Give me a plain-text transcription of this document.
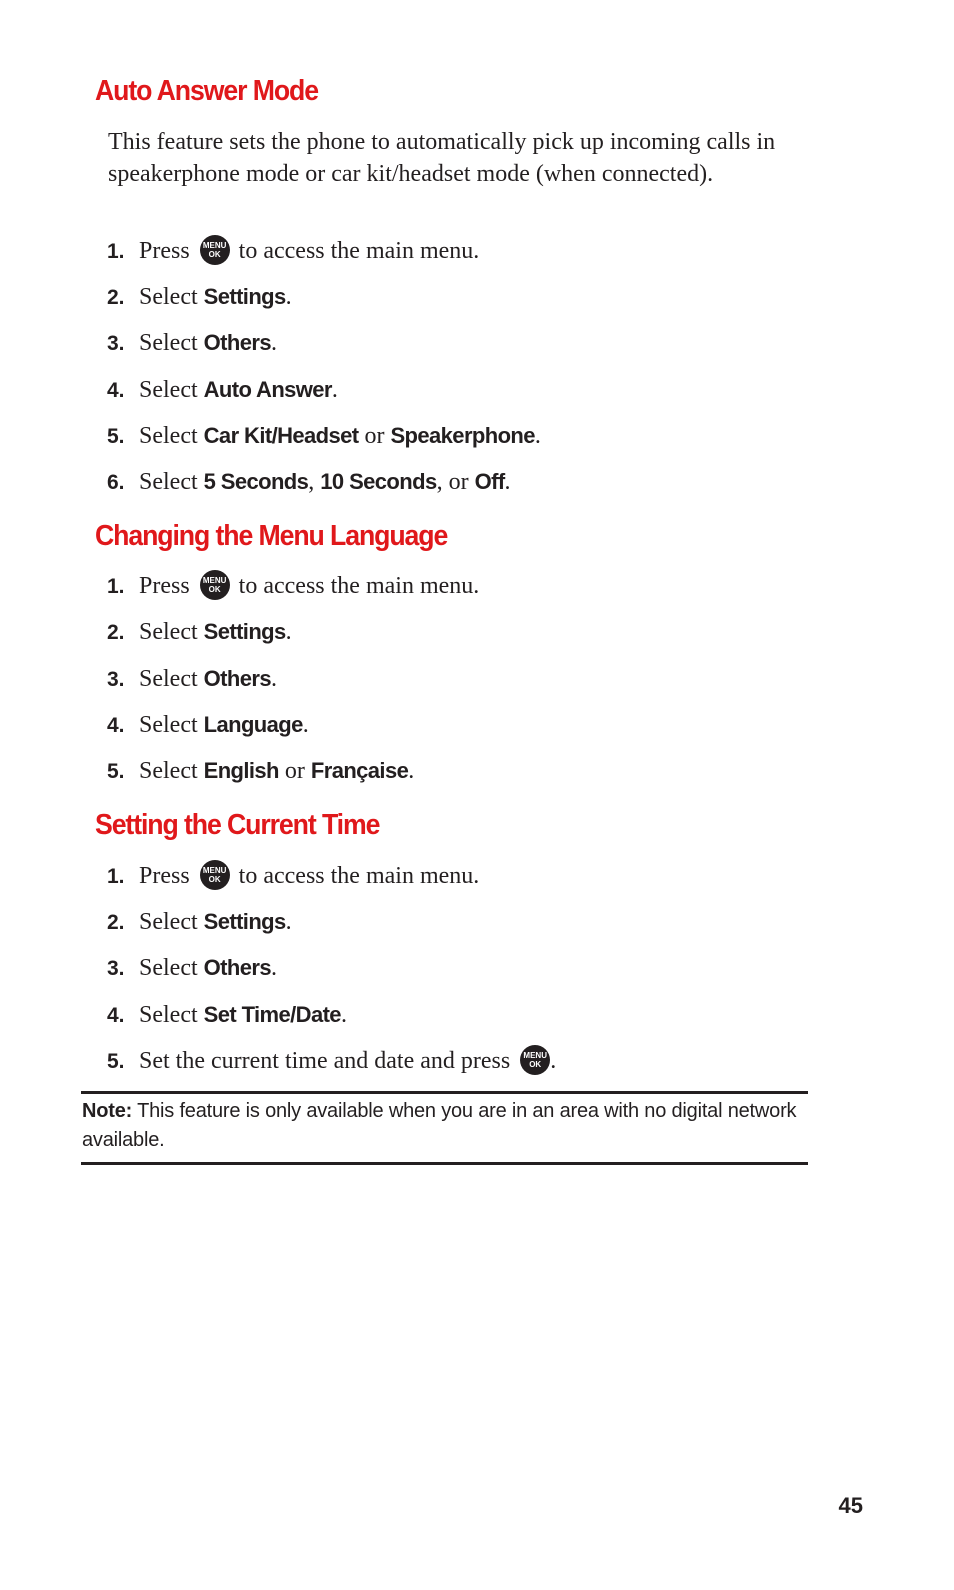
Auto Answer Mode

This feature sets the phone to automatically pick up incoming calls in speakerphone mode or car kit/headset mode (when connected).

1. Press	MENU
OK to access the main menu.
2. Select Settings.
3. Select Others.
4. Select Auto Answer.
5. Select Car Kit/Headset or Speakerphone.
6. Select 5 Seconds, 10 Seconds, or Off.
Changing the Menu Language
1. Press	MENU
OK to access the main menu.
2. Select Settings.
3. Select Others.
4. Select Language.
5. Select English or Française.
Setting the Current Time
1. Press	MENU
OK to access the main menu.
2. Select Settings.
3. Select Others.
4. Select Set Time/Date.
5. Set the current time and date and press	MENU
OK .

Note: This feature is only available when you are in an area with no digital network available.

45
